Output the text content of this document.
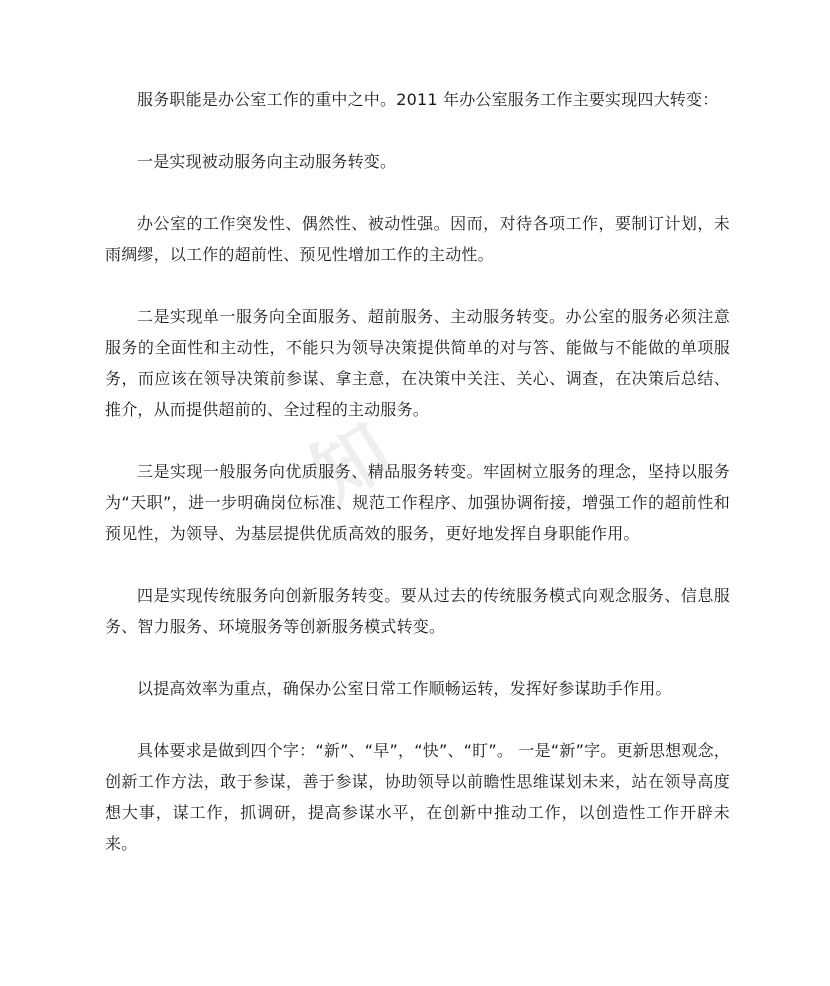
知

服务职能是办公室工作的重中之中。2011 年办公室服务工作主要实现四大转变：

一是实现被动服务向主动服务转变。

办公室的工作突发性、偶然性、被动性强。因而，对待各项工作，要制订计划，未雨绸缪，以工作的超前性、预见性增加工作的主动性。

二是实现单一服务向全面服务、超前服务、主动服务转变。办公室的服务必须注意服务的全面性和主动性，不能只为领导决策提供简单的对与答、能做与不能做的单项服务，而应该在领导决策前参谋、拿主意，在决策中关注、关心、调查，在决策后总结、推介，从而提供超前的、全过程的主动服务。

三是实现一般服务向优质服务、精品服务转变。牢固树立服务的理念，坚持以服务为“天职”，进一步明确岗位标准、规范工作程序、加强协调衔接，增强工作的超前性和预见性，为领导、为基层提供优质高效的服务，更好地发挥自身职能作用。

四是实现传统服务向创新服务转变。要从过去的传统服务模式向观念服务、信息服务、智力服务、环境服务等创新服务模式转变。

以提高效率为重点，确保办公室日常工作顺畅运转，发挥好参谋助手作用。

具体要求是做到四个字：“新”、“早”，“快”、“盯”。 一是“新”字。更新思想观念，创新工作方法，敢于参谋，善于参谋，协助领导以前瞻性思维谋划未来，站在领导高度想大事，谋工作，抓调研，提高参谋水平，在创新中推动工作，以创造性工作开辟未来。
